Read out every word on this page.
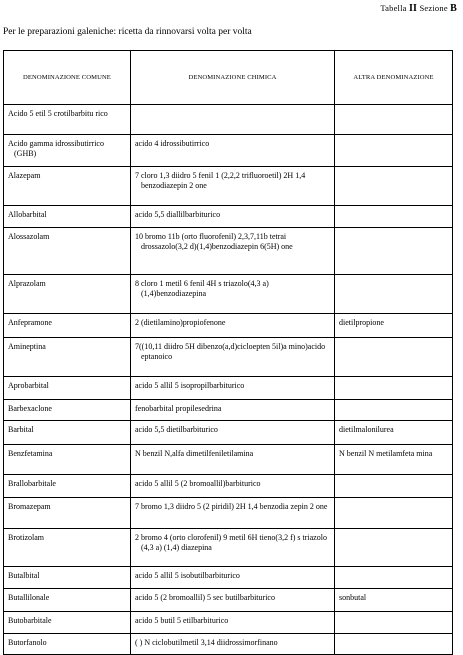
Tabella II Sezione B
Per le preparazioni galeniche: ricetta da rinnovarsi volta per volta
DENOMINAZIONE COMUNE	DENOMINAZIONE CHIMICA	ALTRA DENOMINAZIONE
Acido 5 etil 5 crotilbarbitu rico		
Acido gamma idrossibutirrico (GHB)	acido 4 idrossibutirrico	
Alazepam	7 cloro 1,3 diidro 5 fenil 1 (2,2,2 trifluoroetil) 2H 1,4 benzodiazepin 2 one	
Allobarbital	acido 5,5 diallilbarbiturico	
Alossazolam	10 bromo 11b (orto fluorofenil) 2,3,7,11b tetrai drossazolo(3,2 d)(1,4)benzodiazepin 6(5H) one	
Alprazolam	8 cloro 1 metil 6 fenil 4H s triazolo(4,3 a)(1,4)benzodiazepina	
Anfepramone	2 (dietilamino)propiofenone	dietilpropione
Amineptina	7((10,11 diidro 5H dibenzo(a,d)cicloepten 5il)a mino)acido eptanoico	
Aprobarbital	acido 5 allil 5 isopropilbarbiturico	
Barbexaclone	fenobarbital propilesedrina	
Barbital	acido 5,5 dietilbarbiturico	dietilmalonilurea
Benzfetamina	N benzil N,alfa dimetilfeniletilamina	N benzil N metilamfeta mina
Brallobarbitale	acido 5 allil 5 (2 bromoallil)barbiturico	
Bromazepam	7 bromo 1,3 diidro 5 (2 piridil) 2H 1,4 benzodia zepin 2 one	
Brotizolam	2 bromo 4 (orto clorofenil) 9 metil 6H tieno(3,2 f) s triazolo (4,3 a) (1,4) diazepina	
Butalbital	acido 5 allil 5 isobutilbarbiturico	
Butallilonale	acido 5 (2 bromoallil) 5 sec butilbarbiturico	sonbutal
Butobarbitale	acido 5 butil 5 etilbarbiturico	
Butorfanolo	( ) N ciclobutilmetil 3,14 diidrossimorfinano	
